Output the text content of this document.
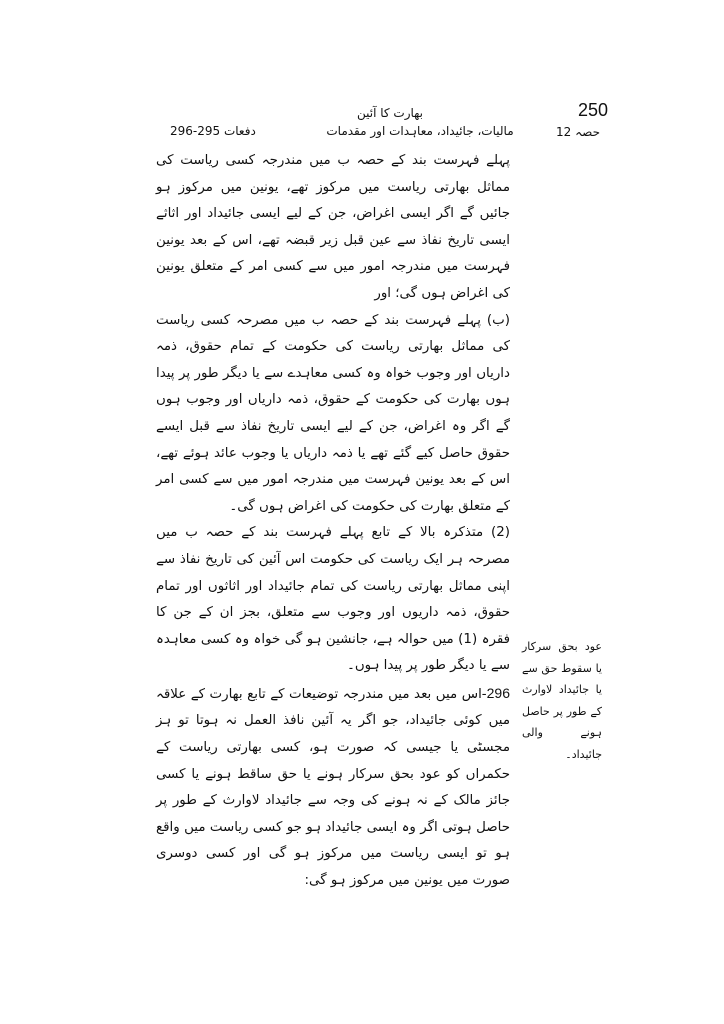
250
بھارت کا آئین
حصہ 12
مالیات، جائیداد، معاہدات اور مقدمات
دفعات 295-296

پہلے فہرست بند کے حصہ ب میں مندرجہ کسی ریاست کی مماثل بھارتی ریاست میں مرکوز تھے، یونین میں مرکوز ہو جائیں گے اگر ایسی اغراض، جن کے لیے ایسی جائیداد اور اثاثے ایسی تاریخ نفاذ سے عین قبل زیر قبضہ تھے، اس کے بعد یونین فہرست میں مندرجہ امور میں سے کسی امر کے متعلق یونین کی اغراض ہوں گی؛ اور

(ب) پہلے فہرست بند کے حصہ ب میں مصرحہ کسی ریاست کی مماثل بھارتی ریاست کی حکومت کے تمام حقوق، ذمہ داریاں اور وجوب خواہ وہ کسی معاہدے سے یا دیگر طور پر پیدا ہوں بھارت کی حکومت کے حقوق، ذمہ داریاں اور وجوب ہوں گے اگر وہ اغراض، جن کے لیے ایسی تاریخ نفاذ سے قبل ایسے حقوق حاصل کیے گئے تھے یا ذمہ داریاں یا وجوب عائد ہوئے تھے، اس کے بعد یونین فہرست میں مندرجہ امور میں سے کسی امر کے متعلق بھارت کی حکومت کی اغراض ہوں گی۔

(2) متذکرہ بالا کے تابع پہلے فہرست بند کے حصہ ب میں مصرحہ ہر ایک ریاست کی حکومت اس آئین کی تاریخ نفاذ سے اپنی مماثل بھارتی ریاست کی تمام جائیداد اور اثاثوں اور تمام حقوق، ذمہ داریوں اور وجوب سے متعلق، بجز ان کے جن کا فقرہ (1) میں حوالہ ہے، جانشین ہو گی خواہ وہ کسی معاہدہ سے یا دیگر طور پر پیدا ہوں۔

296-اس میں بعد میں مندرجہ توضیعات کے تابع بھارت کے علاقہ میں کوئی جائیداد، جو اگر یہ آئین نافذ العمل نہ ہوتا تو ہز مجسٹی یا جیسی کہ صورت ہو، کسی بھارتی ریاست کے حکمراں کو عود بحق سرکار ہونے یا حق ساقط ہونے یا کسی جائز مالک کے نہ ہونے کی وجہ سے جائیداد لاوارث کے طور پر حاصل ہوتی اگر وہ ایسی جائیداد ہو جو کسی ریاست میں واقع ہو تو ایسی ریاست میں مرکوز ہو گی اور کسی دوسری صورت میں یونین میں مرکوز ہو گی:

عود بحق سرکار یا سقوط حق سے یا جائیداد لاوارث کے طور پر حاصل ہونے والی جائیداد۔
